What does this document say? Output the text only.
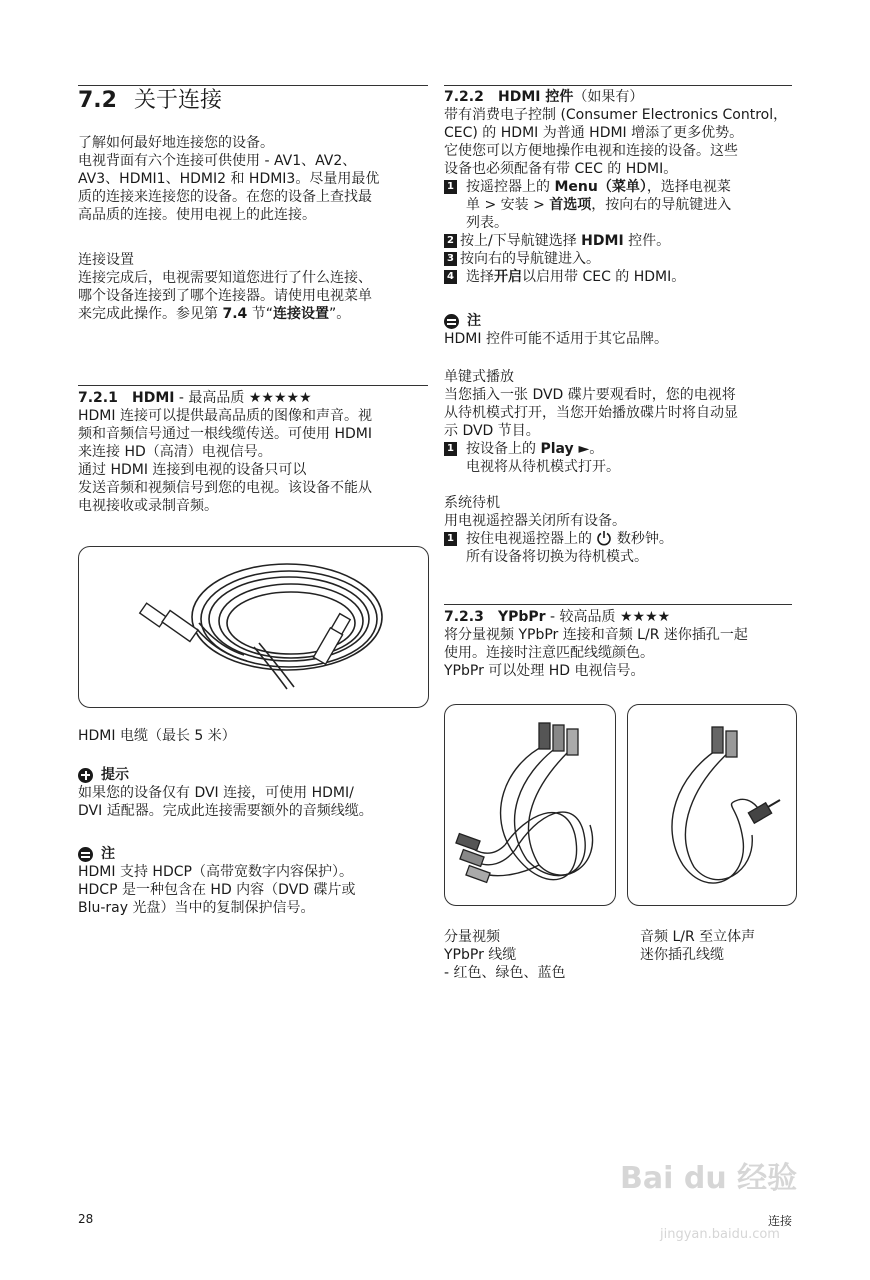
7.2 关于连接
了解如何最好地连接您的设备。
电视背面有六个连接可供使用 - AV1、AV2、
AV3、HDMI1、HDMI2 和 HDMI3。尽量用最优
质的连接来连接您的设备。在您的设备上查找最
高品质的连接。使用电视上的此连接。
连接设置
连接完成后，电视需要知道您进行了什么连接、
哪个设备连接到了哪个连接器。请使用电视菜单
来完成此操作。参见第 7.4 节“连接设置”。
7.2.1 HDMI - 最高品质 ★★★★★
HDMI 连接可以提供最高品质的图像和声音。视
频和音频信号通过一根线缆传送。可使用 HDMI
来连接 HD（高清）电视信号。
通过 HDMI 连接到电视的设备只可以
发送音频和视频信号到您的电视。该设备不能从
电视接收或录制音频。
HDMI 电缆（最长 5 米）
提示
如果您的设备仅有 DVI 连接，可使用 HDMI/
DVI 适配器。完成此连接需要额外的音频线缆。
注
HDMI 支持 HDCP（高带宽数字内容保护）。
HDCP 是一种包含在 HD 内容（DVD 碟片或
Blu-ray 光盘）当中的复制保护信号。
7.2.2 HDMI 控件（如果有）
带有消费电子控制 (Consumer Electronics Control，
CEC) 的 HDMI 为普通 HDMI 增添了更多优势。
它使您可以方便地操作电视和连接的设备。这些
设备也必须配备有带 CEC 的 HDMI。
1 按遥控器上的 Menu（菜单），选择电视菜
单 > 安装 > 首选项，按向右的导航键进入
列表。
2 按上/下导航键选择 HDMI 控件。
3 按向右的导航键进入。
4 选择开启以启用带 CEC 的 HDMI。
注
HDMI 控件可能不适用于其它品牌。
单键式播放
当您插入一张 DVD 碟片要观看时，您的电视将
从待机模式打开，当您开始播放碟片时将自动显
示 DVD 节目。
1 按设备上的 Play ►。
电视将从待机模式打开。
系统待机
用电视遥控器关闭所有设备。
1 按住电视遥控器上的  数秒钟。
所有设备将切换为待机模式。
7.2.3 YPbPr - 较高品质 ★★★★
将分量视频 YPbPr 连接和音频 L/R 迷你插孔一起
使用。连接时注意匹配线缆颜色。
YPbPr 可以处理 HD 电视信号。
分量视频
YPbPr 线缆
- 红色、绿色、蓝色
音频 L/R 至立体声
迷你插孔线缆
28	连接
Bai du 经验
jingyan.baidu.com
